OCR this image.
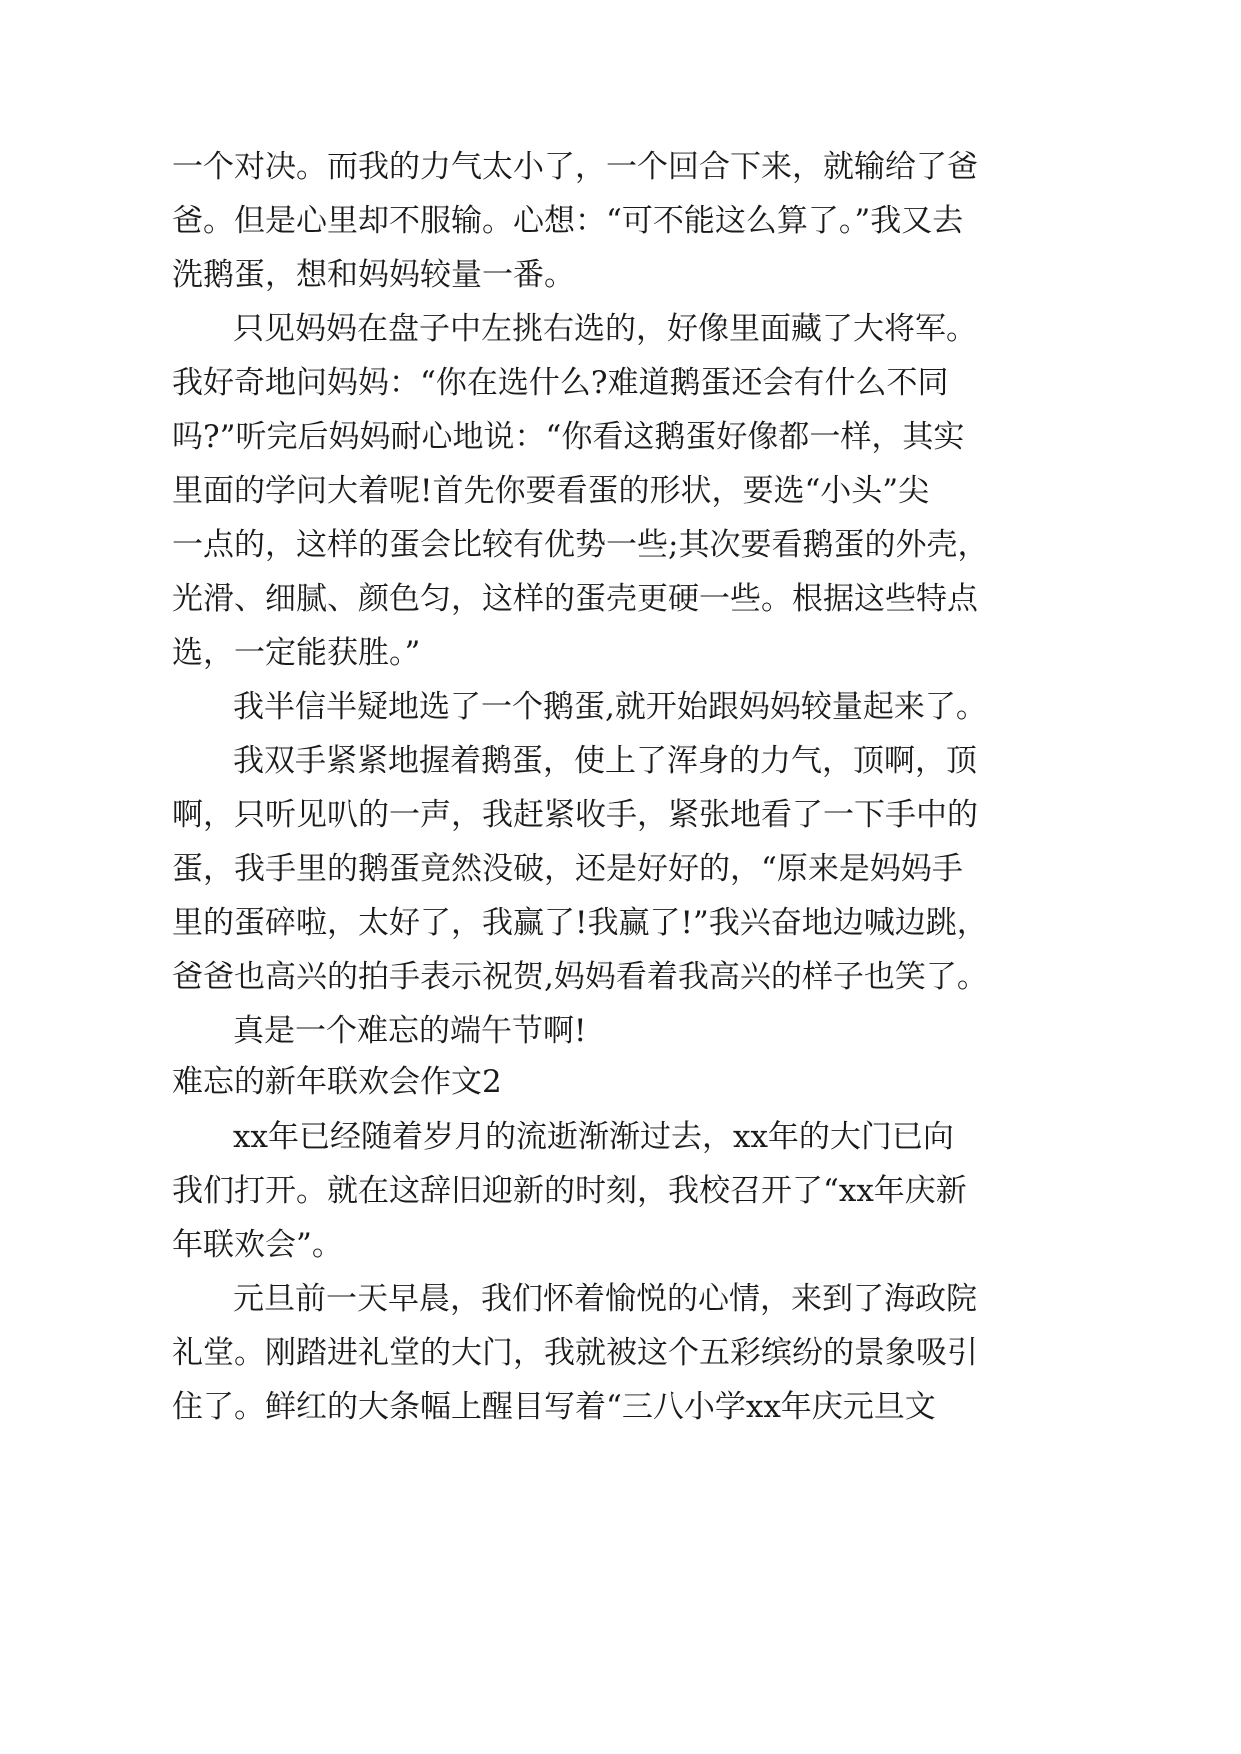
一个对决。而我的力气太小了，一个回合下来，就输给了爸
爸。但是心里却不服输。心想：“可不能这么算了。”我又去
洗鹅蛋，想和妈妈较量一番。
只见妈妈在盘子中左挑右选的，好像里面藏了大将军。
我好奇地问妈妈：“你在选什么?难道鹅蛋还会有什么不同
吗?”听完后妈妈耐心地说：“你看这鹅蛋好像都一样，其实
里面的学问大着呢!首先你要看蛋的形状，要选“小头”尖
一点的，这样的蛋会比较有优势一些;其次要看鹅蛋的外壳，
光滑、细腻、颜色匀，这样的蛋壳更硬一些。根据这些特点
选，一定能获胜。”
我半信半疑地选了一个鹅蛋,就开始跟妈妈较量起来了。
我双手紧紧地握着鹅蛋，使上了浑身的力气，顶啊，顶
啊，只听见叭的一声，我赶紧收手，紧张地看了一下手中的
蛋，我手里的鹅蛋竟然没破，还是好好的，“原来是妈妈手
里的蛋碎啦，太好了，我赢了!我赢了!”我兴奋地边喊边跳，
爸爸也高兴的拍手表示祝贺,妈妈看着我高兴的样子也笑了。
真是一个难忘的端午节啊!
难忘的新年联欢会作文2
xx年已经随着岁月的流逝渐渐过去，xx年的大门已向
我们打开。就在这辞旧迎新的时刻，我校召开了“xx年庆新
年联欢会”。
元旦前一天早晨，我们怀着愉悦的心情，来到了海政院
礼堂。刚踏进礼堂的大门，我就被这个五彩缤纷的景象吸引
住了。鲜红的大条幅上醒目写着“三八小学xx年庆元旦文
